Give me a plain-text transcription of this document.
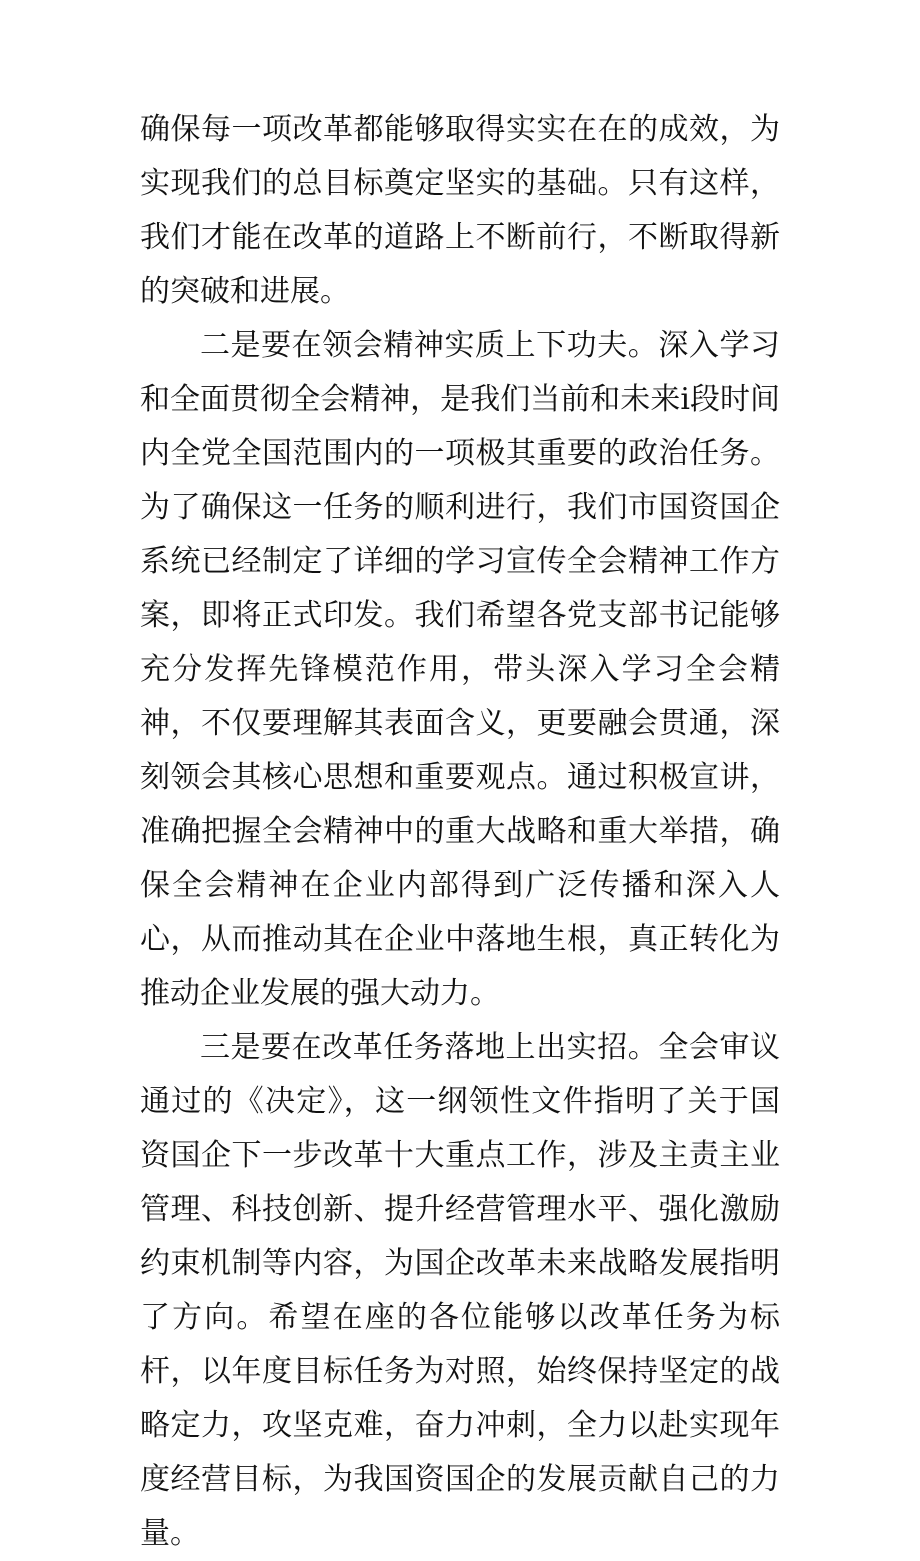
确保每一项改革都能够取得实实在在的成效，为实现我们的总目标奠定坚实的基础。只有这样，我们才能在改革的道路上不断前行，不断取得新的突破和进展。

二是要在领会精神实质上下功夫。深入学习和全面贯彻全会精神，是我们当前和未来i段时间内全党全国范围内的一项极其重要的政治任务。为了确保这一任务的顺利进行，我们市国资国企系统已经制定了详细的学习宣传全会精神工作方案，即将正式印发。我们希望各党支部书记能够充分发挥先锋模范作用，带头深入学习全会精神，不仅要理解其表面含义，更要融会贯通，深刻领会其核心思想和重要观点。通过积极宣讲，准确把握全会精神中的重大战略和重大举措，确保全会精神在企业内部得到广泛传播和深入人心，从而推动其在企业中落地生根，真正转化为推动企业发展的强大动力。

三是要在改革任务落地上出实招。全会审议通过的《决定》，这一纲领性文件指明了关于国资国企下一步改革十大重点工作，涉及主责主业管理、科技创新、提升经营管理水平、强化激励约束机制等内容，为国企改革未来战略发展指明了方向。希望在座的各位能够以改革任务为标杆，以年度目标任务为对照，始终保持坚定的战略定力，攻坚克难，奋力冲刺，全力以赴实现年度经营目标，为我国资国企的发展贡献自己的力量。
